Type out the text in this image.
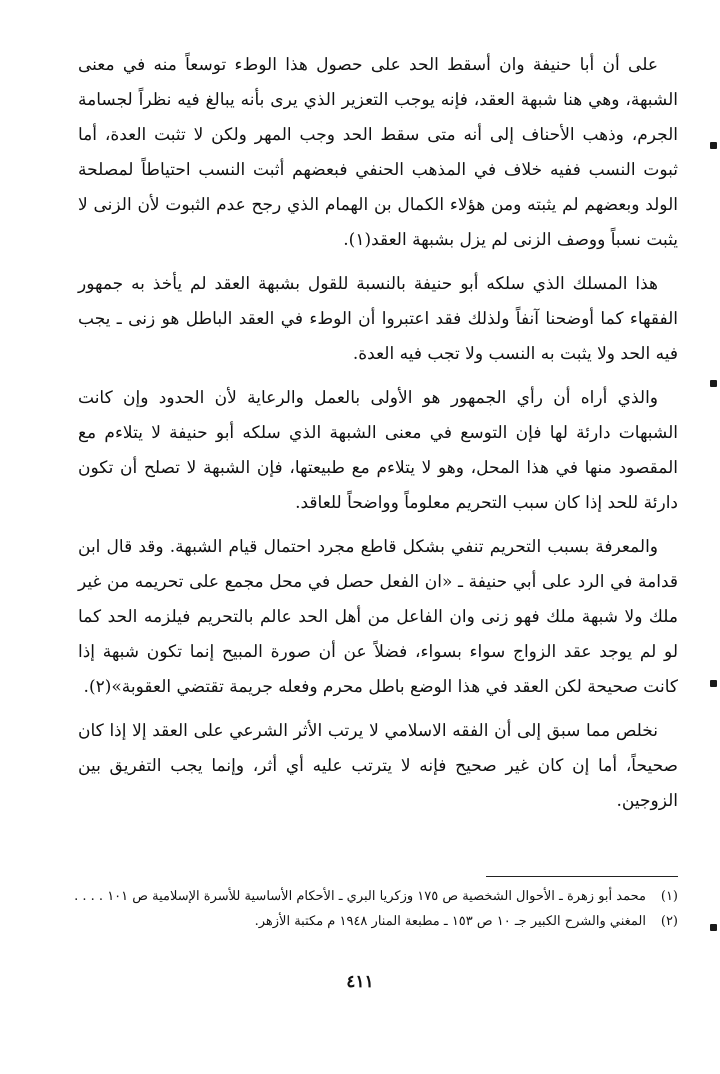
على أن أبا حنيفة وان أسقط الحد على حصول هذا الوطء توسعاً منه في معنى الشبهة، وهي هنا شبهة العقد، فإنه يوجب التعزير الذي يرى بأنه يبالغ فيه نظراً لجسامة الجرم، وذهب الأحناف إلى أنه متى سقط الحد وجب المهر ولكن لا تثبت العدة، أما ثبوت النسب ففيه خلاف في المذهب الحنفي فبعضهم أثبت النسب احتياطاً لمصلحة الولد وبعضهم لم يثبته ومن هؤلاء الكمال بن الهمام الذي رجح عدم الثبوت لأن الزنى لا يثبت نسباً ووصف الزنى لم يزل بشبهة العقد(١).

هذا المسلك الذي سلكه أبو حنيفة بالنسبة للقول بشبهة العقد لم يأخذ به جمهور الفقهاء كما أوضحنا آنفاً ولذلك فقد اعتبروا أن الوطء في العقد الباطل هو زنى ـ يجب فيه الحد ولا يثبت به النسب ولا تجب فيه العدة.

والذي أراه أن رأي الجمهور هو الأولى بالعمل والرعاية لأن الحدود وإن كانت الشبهات دارئة لها فإن التوسع في معنى الشبهة الذي سلكه أبو حنيفة لا يتلاءم مع المقصود منها في هذا المحل، وهو لا يتلاءم مع طبيعتها، فإن الشبهة لا تصلح أن تكون دارئة للحد إذا كان سبب التحريم معلوماً وواضحاً للعاقد.

والمعرفة بسبب التحريم تنفي بشكل قاطع مجرد احتمال قيام الشبهة. وقد قال ابن قدامة في الرد على أبي حنيفة ـ «ان الفعل حصل في محل مجمع على تحريمه من غير ملك ولا شبهة ملك فهو زنى وان الفاعل من أهل الحد عالم بالتحريم فيلزمه الحد كما لو لم يوجد عقد الزواج سواء بسواء، فضلاً عن أن صورة المبيح إنما تكون شبهة إذا كانت صحيحة لكن العقد في هذا الوضع باطل محرم وفعله جريمة تقتضي العقوبة»(٢).

نخلص مما سبق إلى أن الفقه الاسلامي لا يرتب الأثر الشرعي على العقد إلا إذا كان صحيحاً، أما إن كان غير صحيح فإنه لا يترتب عليه أي أثر، وإنما يجب التفريق بين الزوجين.

(١)
محمد أبو زهرة ـ الأحوال الشخصية ص ١٧٥ وزكريا البري ـ الأحكام الأساسية للأسرة الإسلامية ص ١٠١ . . . .
(٢)
المغني والشرح الكبير جـ ١٠ ص ١٥٣ ـ مطبعة المنار ١٩٤٨ م مكتبة الأزهر.
٤١١
